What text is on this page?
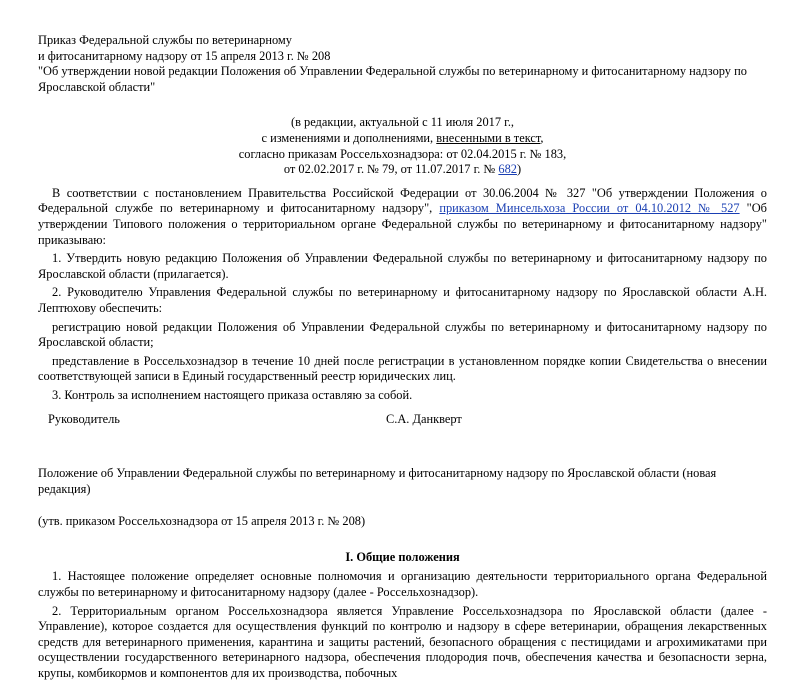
Приказ Федеральной службы по ветеринарному
и фитосанитарному надзору от 15 апреля 2013 г. № 208
"Об утверждении новой редакции Положения об Управлении Федеральной службы по ветеринарному и фитосанитарному надзору по Ярославской области"
(в редакции, актуальной с 11 июля 2017 г.,
с изменениями и дополнениями, внесенными в текст,
согласно приказам Россельхознадзора: от 02.04.2015 г. № 183,
от 02.02.2017 г. № 79, от 11.07.2017 г. № 682)

В соответствии с постановлением Правительства Российской Федерации от 30.06.2004 № 327 "Об утверждении Положения о Федеральной службе по ветеринарному и фитосанитарному надзору", приказом Минсельхоза России от 04.10.2012 № 527 "Об утверждении Типового положения о территориальном органе Федеральной службы по ветеринарному и фитосанитарному надзору" приказываю:

1. Утвердить новую редакцию Положения об Управлении Федеральной службы по ветеринарному и фитосанитарному надзору по Ярославской области (прилагается).

2. Руководителю Управления Федеральной службы по ветеринарному и фитосанитарному надзору по Ярославской области А.Н. Лептюхову обеспечить:

регистрацию новой редакции Положения об Управлении Федеральной службы по ветеринарному и фитосанитарному надзору по Ярославской области;

представление в Россельхознадзор в течение 10 дней после регистрации в установленном порядке копии Свидетельства о внесении соответствующей записи в Единый государственный реестр юридических лиц.

3. Контроль за исполнением настоящего приказа оставляю за собой.

Руководитель	С.А. Данкверт
Положение об Управлении Федеральной службы по ветеринарному и фитосанитарному надзору по Ярославской области (новая редакция)
(утв. приказом Россельхознадзора от 15 апреля 2013 г. № 208)
I. Общие положения

1. Настоящее положение определяет основные полномочия и организацию деятельности территориального органа Федеральной службы по ветеринарному и фитосанитарному надзору (далее - Россельхознадзор).

2. Территориальным органом Россельхознадзора является Управление Россельхознадзора по Ярославской области (далее - Управление), которое создается для осуществления функций по контролю и надзору в сфере ветеринарии, обращения лекарственных средств для ветеринарного применения, карантина и защиты растений, безопасного обращения с пестицидами и агрохимикатами при осуществлении государственного ветеринарного надзора, обеспечения плодородия почв, обеспечения качества и безопасности зерна, крупы, комбикормов и компонентов для их производства, побочных
